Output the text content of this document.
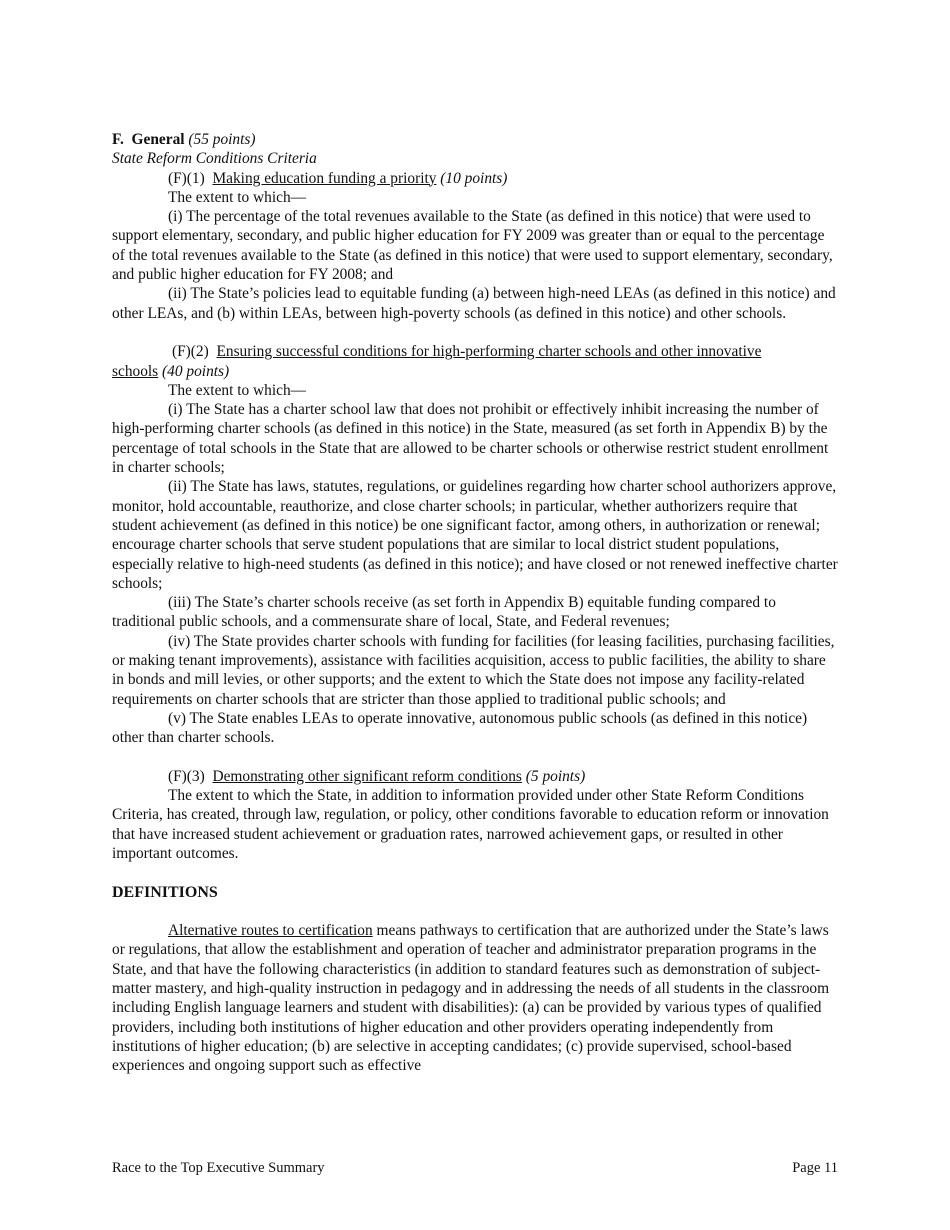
F. General (55 points)

State Reform Conditions Criteria

(F)(1) Making education funding a priority (10 points)

The extent to which—

(i) The percentage of the total revenues available to the State (as defined in this notice) that were used to support elementary, secondary, and public higher education for FY 2009 was greater than or equal to the percentage of the total revenues available to the State (as defined in this notice) that were used to support elementary, secondary, and public higher education for FY 2008; and

(ii) The State’s policies lead to equitable funding (a) between high-need LEAs (as defined in this notice) and other LEAs, and (b) within LEAs, between high-poverty schools (as defined in this notice) and other schools.

(F)(2) Ensuring successful conditions for high-performing charter schools and other innovative

schools (40 points)

The extent to which—

(i) The State has a charter school law that does not prohibit or effectively inhibit increasing the number of high-performing charter schools (as defined in this notice) in the State, measured (as set forth in Appendix B) by the percentage of total schools in the State that are allowed to be charter schools or otherwise restrict student enrollment in charter schools;

(ii) The State has laws, statutes, regulations, or guidelines regarding how charter school authorizers approve, monitor, hold accountable, reauthorize, and close charter schools; in particular, whether authorizers require that student achievement (as defined in this notice) be one significant factor, among others, in authorization or renewal; encourage charter schools that serve student populations that are similar to local district student populations, especially relative to high-need students (as defined in this notice); and have closed or not renewed ineffective charter schools;

(iii) The State’s charter schools receive (as set forth in Appendix B) equitable funding compared to traditional public schools, and a commensurate share of local, State, and Federal revenues;

(iv) The State provides charter schools with funding for facilities (for leasing facilities, purchasing facilities, or making tenant improvements), assistance with facilities acquisition, access to public facilities, the ability to share in bonds and mill levies, or other supports; and the extent to which the State does not impose any facility-related requirements on charter schools that are stricter than those applied to traditional public schools; and

(v) The State enables LEAs to operate innovative, autonomous public schools (as defined in this notice) other than charter schools.

(F)(3) Demonstrating other significant reform conditions (5 points)

The extent to which the State, in addition to information provided under other State Reform Conditions Criteria, has created, through law, regulation, or policy, other conditions favorable to education reform or innovation that have increased student achievement or graduation rates, narrowed achievement gaps, or resulted in other important outcomes.

DEFINITIONS

Alternative routes to certification means pathways to certification that are authorized under the State’s laws or regulations, that allow the establishment and operation of teacher and administrator preparation programs in the State, and that have the following characteristics (in addition to standard features such as demonstration of subject-matter mastery, and high-quality instruction in pedagogy and in addressing the needs of all students in the classroom including English language learners and student with disabilities): (a) can be provided by various types of qualified providers, including both institutions of higher education and other providers operating independently from institutions of higher education; (b) are selective in accepting candidates; (c) provide supervised, school-based experiences and ongoing support such as effective

Race to the Top Executive Summary	Page 11
